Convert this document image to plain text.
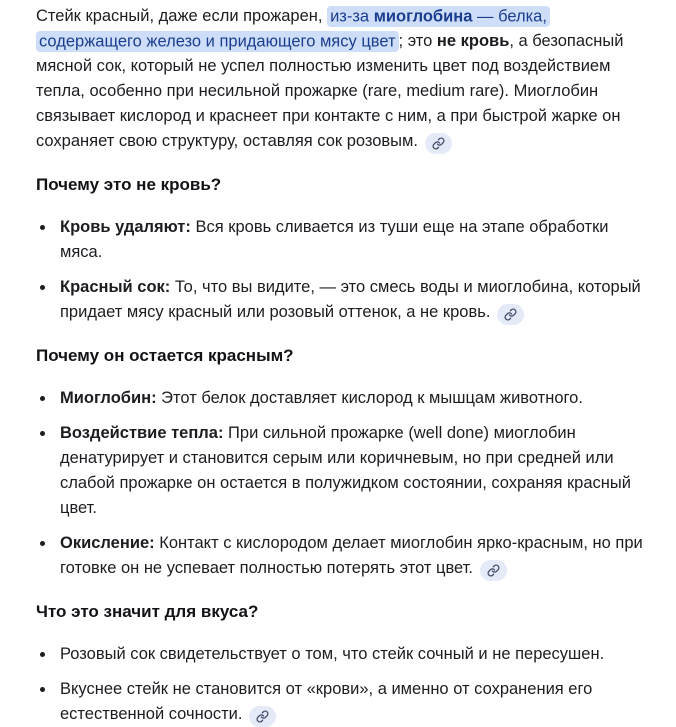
Стейк красный, даже если прожарен, из-за миоглобина — белка, содержащего железо и придающего мясу цвет ; это не кровь, а безопасный мясной сок, который не успел полностью изменить цвет под воздействием тепла, особенно при несильной прожарке (rare, medium rare). Миоглобин связывает кислород и краснеет при контакте с ним, а при быстрой жарке он сохраняет свою структуру, оставляя сок розовым.

Почему это не кровь?
Кровь удаляют: Вся кровь сливается из туши еще на этапе обработки мяса.
Красный сок: То, что вы видите, — это смесь воды и миоглобина, который придает мясу красный или розовый оттенок, а не кровь.
Почему он остается красным?
Миоглобин: Этот белок доставляет кислород к мышцам животного.
Воздействие тепла: При сильной прожарке (well done) миоглобин денатурирует и становится серым или коричневым, но при средней или слабой прожарке он остается в полужидком состоянии, сохраняя красный цвет.
Окисление: Контакт с кислородом делает миоглобин ярко-красным, но при готовке он не успевает полностью потерять этот цвет.
Что это значит для вкуса?
Розовый сок свидетельствует о том, что стейк сочный и не пересушен.
Вкуснее стейк не становится от «крови», а именно от сохранения его естественной сочности.
